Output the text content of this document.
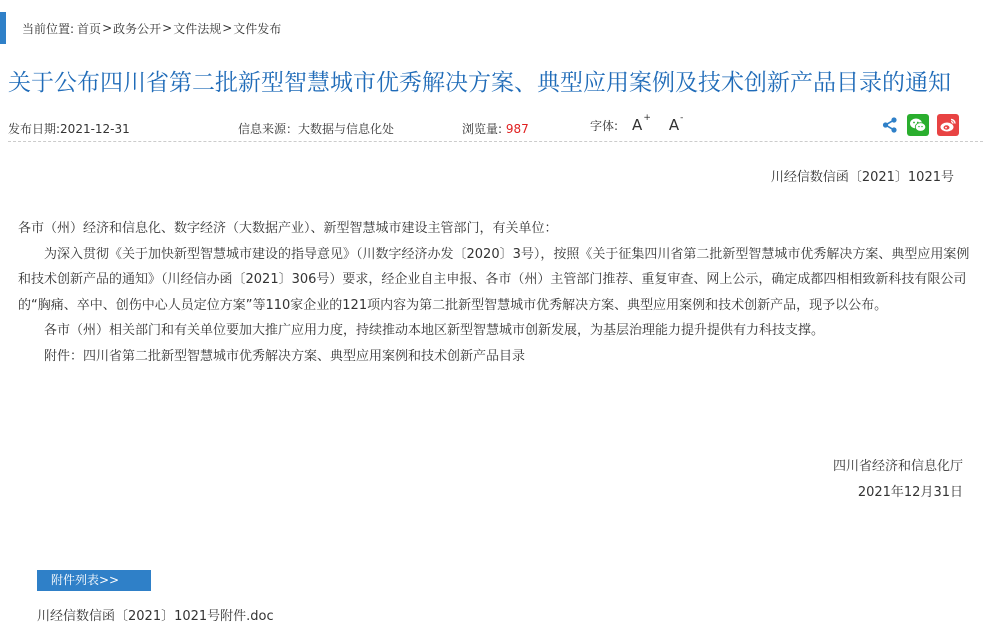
当前位置: 首页 > 政务公开 > 文件法规 > 文件发布
关于公布四川省第二批新型智慧城市优秀解决方案、典型应用案例及技术创新产品目录的通知
发布日期:2021-12-31	信息来源：大数据与信息化处	浏览量: 987	字体: A+ A-
川经信数信函〔2021〕1021号

各市（州）经济和信息化、数字经济（大数据产业）、新型智慧城市建设主管部门，有关单位：

为深入贯彻《关于加快新型智慧城市建设的指导意见》（川数字经济办发〔2020〕3号），按照《关于征集四川省第二批新型智慧城市优秀解决方案、典型应用案例和技术创新产品的通知》（川经信办函〔2021〕306号）要求，经企业自主申报、各市（州）主管部门推荐、重复审查、网上公示，确定成都四相相致新科技有限公司的“胸痛、卒中、创伤中心人员定位方案”等110家企业的121项内容为第二批新型智慧城市优秀解决方案、典型应用案例和技术创新产品，现予以公布。

各市（州）相关部门和有关单位要加大推广应用力度，持续推动本地区新型智慧城市创新发展，为基层治理能力提升提供有力科技支撑。

附件：四川省第二批新型智慧城市优秀解决方案、典型应用案例和技术创新产品目录

四川省经济和信息化厅
2021年12月31日
附件列表>>
川经信数信函〔2021〕1021号附件.doc
